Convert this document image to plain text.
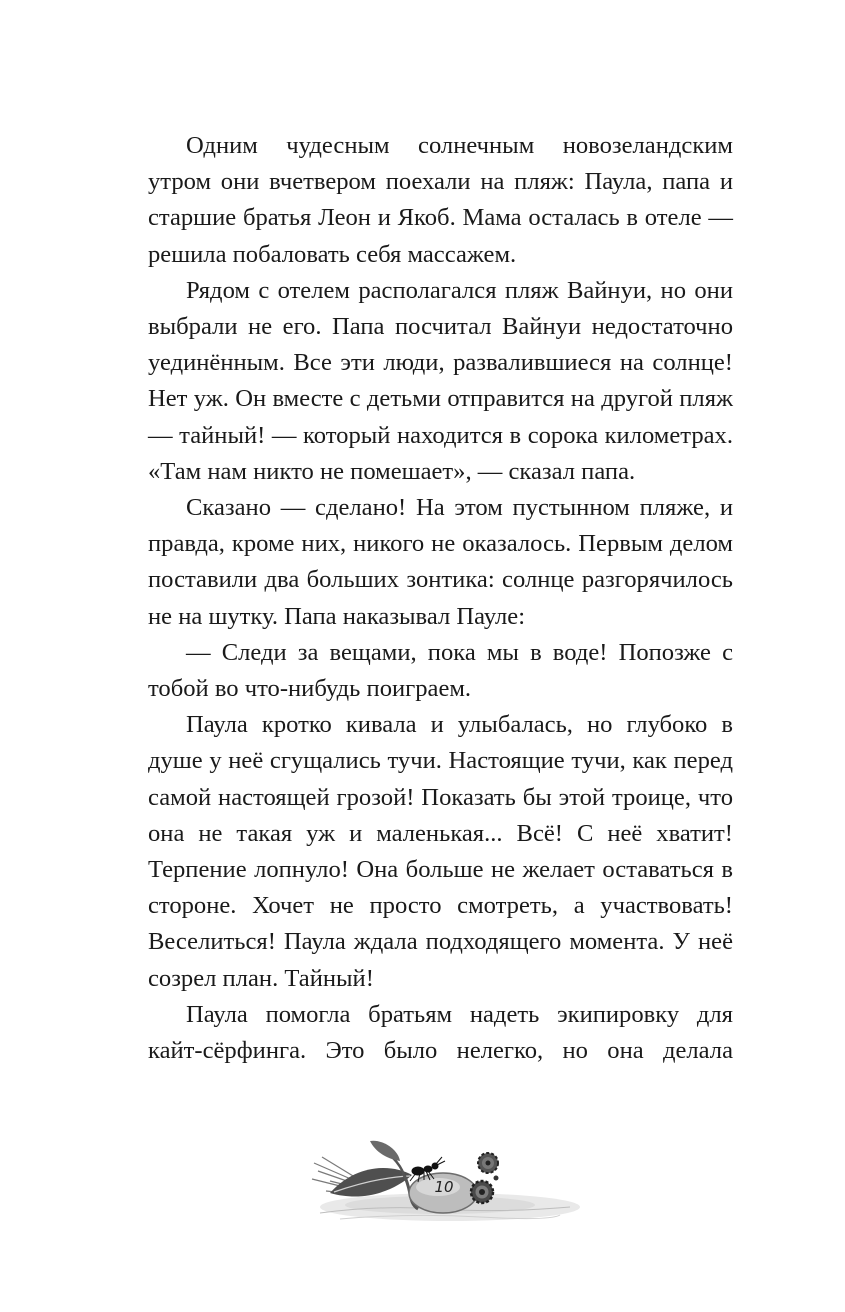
Одним чудесным солнечным новозеландским утром они вчетвером поехали на пляж: Паула, папа и старшие братья Леон и Якоб. Мама осталась в отеле — решила побаловать себя массажем.

Рядом с отелем располагался пляж Вайнуи, но они выбрали не его. Папа посчитал Вайнуи недостаточно уединённым. Все эти люди, развалившиеся на солнце! Нет уж. Он вместе с детьми отправится на другой пляж — тайный! — который находится в сорока километрах. «Там нам никто не помешает», — сказал папа.

Сказано — сделано! На этом пустынном пляже, и правда, кроме них, никого не оказалось. Первым делом поставили два больших зонтика: солнце разгорячилось не на шутку. Папа наказывал Пауле:

— Следи за вещами, пока мы в воде! Попозже с тобой во что-нибудь поиграем.

Паула кротко кивала и улыбалась, но глубоко в душе у неё сгущались тучи. Настоящие тучи, как перед самой настоящей грозой! Показать бы этой троице, что она не такая уж и маленькая... Всё! С неё хватит! Терпение лопнуло! Она больше не желает оставаться в стороне. Хочет не просто смотреть, а участвовать! Веселиться! Паула ждала подходящего момента. У неё созрел план. Тайный!

Паула помогла братьям надеть экипировку для кайт-сёрфинга. Это было нелегко, но она делала

10
